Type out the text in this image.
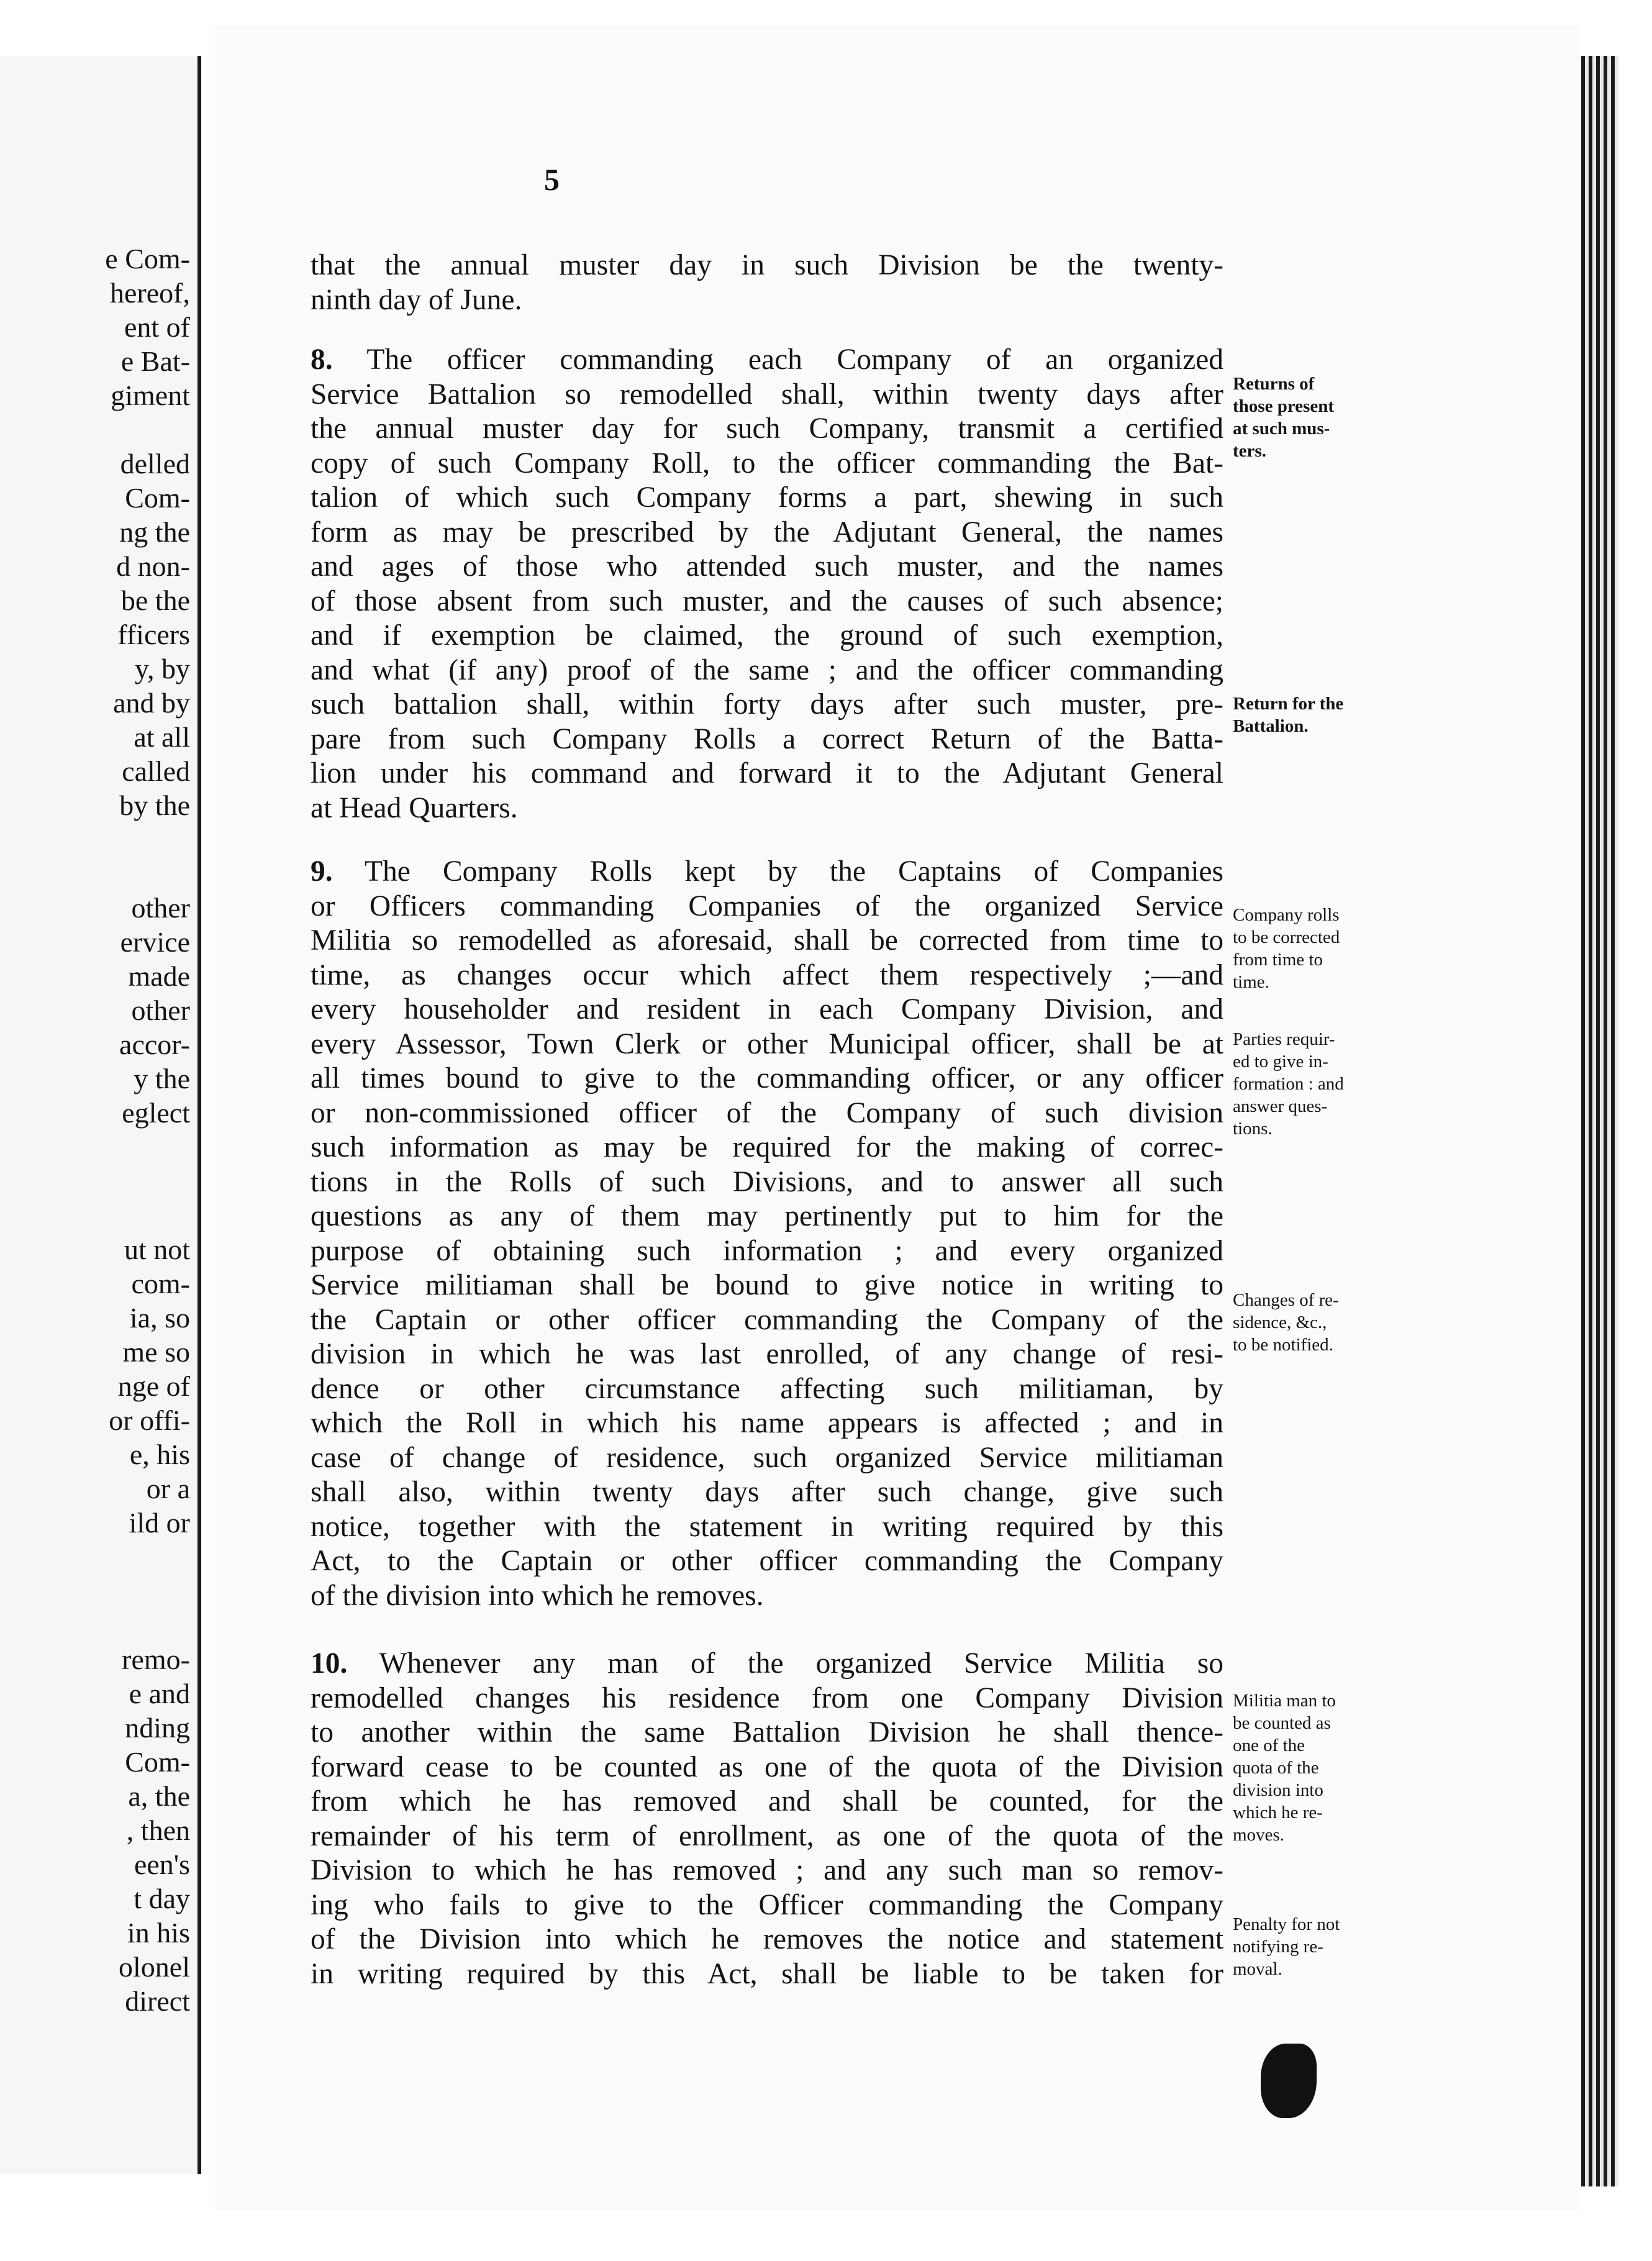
e Com-
hereof,
ent of
e Bat-
giment
delled
Com-
ng the
d non-
be the
fficers
y, by
and by
at all
called
by the
other
ervice
made
other
accor-
y the
eglect
ut not
com-
ia, so
me so
nge of
or offi-
e, his
or a
ild or
remo-
e and
nding
Com-
a, the
, then
een's
t day
in his
olonel
direct
5
that the annual muster day in such Division be the twenty-
ninth day of June.
8. The officer commanding each Company of an organized
Service Battalion so remodelled shall, within twenty days after
the annual muster day for such Company, transmit a certified
copy of such Company Roll, to the officer commanding the Bat-
talion of which such Company forms a part, shewing in such
form as may be prescribed by the Adjutant General, the names
and ages of those who attended such muster, and the names
of those absent from such muster, and the causes of such absence;
and if exemption be claimed, the ground of such exemption,
and what (if any) proof of the same ; and the officer commanding
such battalion shall, within forty days after such muster, pre-
pare from such Company Rolls a correct Return of the Batta-
lion under his command and forward it to the Adjutant General
at Head Quarters.
9. The Company Rolls kept by the Captains of Companies
or Officers commanding Companies of the organized Service
Militia so remodelled as aforesaid, shall be corrected from time to
time, as changes occur which affect them respectively ;—and
every householder and resident in each Company Division, and
every Assessor, Town Clerk or other Municipal officer, shall be at
all times bound to give to the commanding officer, or any officer
or non-commissioned officer of the Company of such division
such information as may be required for the making of correc-
tions in the Rolls of such Divisions, and to answer all such
questions as any of them may pertinently put to him for the
purpose of obtaining such information ; and every organized
Service militiaman shall be bound to give notice in writing to
the Captain or other officer commanding the Company of the
division in which he was last enrolled, of any change of resi-
dence or other circumstance affecting such militiaman, by
which the Roll in which his name appears is affected ; and in
case of change of residence, such organized Service militiaman
shall also, within twenty days after such change, give such
notice, together with the statement in writing required by this
Act, to the Captain or other officer commanding the Company
of the division into which he removes.
10. Whenever any man of the organized Service Militia so
remodelled changes his residence from one Company Division
to another within the same Battalion Division he shall thence-
forward cease to be counted as one of the quota of the Division
from which he has removed and shall be counted, for the
remainder of his term of enrollment, as one of the quota of the
Division to which he has removed ; and any such man so remov-
ing who fails to give to the Officer commanding the Company
of the Division into which he removes the notice and statement
in writing required by this Act, shall be liable to be taken for
Returns of
those present
at such mus-
ters.
Return for the
Battalion.
Company rolls
to be corrected
from time to
time.
Parties requir-
ed to give in-
formation : and
answer ques-
tions.
Changes of re-
sidence, &c.,
to be notified.
Militia man to
be counted as
one of the
quota of the
division into
which he re-
moves.
Penalty for not
notifying re-
moval.
